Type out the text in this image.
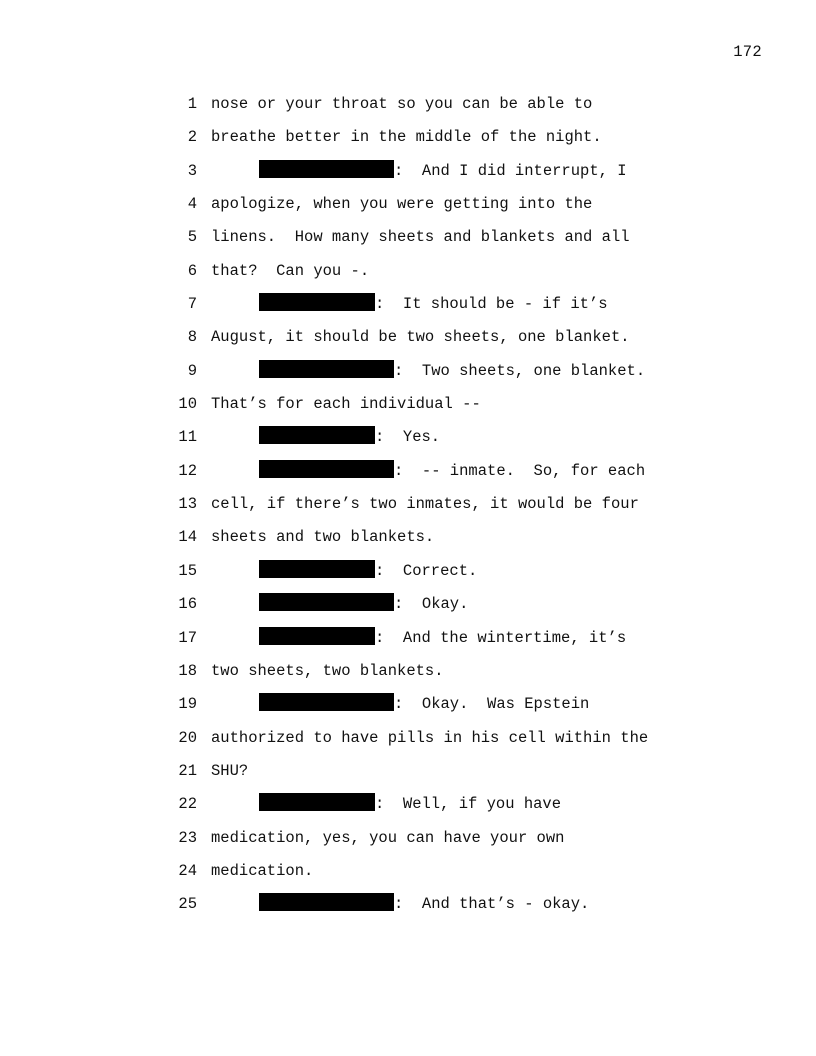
172
1 nose or your throat so you can be able to
2 breathe better in the middle of the night.
3	:  And I did interrupt, I
4 apologize, when you were getting into the
5 linens.  How many sheets and blankets and all
6 that?  Can you -.
7	:  It should be - if it’s
8 August, it should be two sheets, one blanket.
9	:  Two sheets, one blanket.
10 That’s for each individual --
11	:  Yes.
12	:  -- inmate.  So, for each
13 cell, if there’s two inmates, it would be four
14 sheets and two blankets.
15	:  Correct.
16	:  Okay.
17	:  And the wintertime, it’s
18 two sheets, two blankets.
19	:  Okay.  Was Epstein
20 authorized to have pills in his cell within the
21 SHU?
22	:  Well, if you have
23 medication, yes, you can have your own
24 medication.
25	:  And that’s - okay.
